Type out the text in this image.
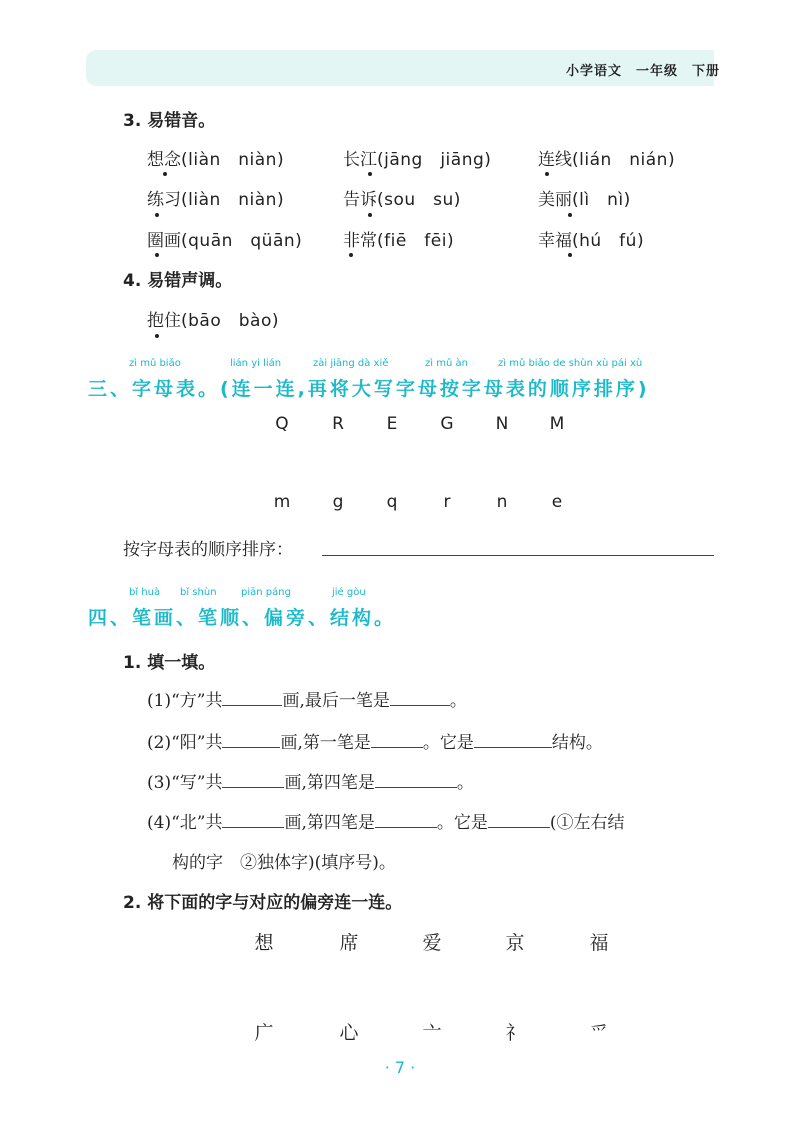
小学语文　一年级　下册
3. 易错音。
想念(liàn　niàn)	长江(jāng　jiāng)	连线(lián　nián)
练习(liàn　niàn)	告诉(sou　su)	美丽(lì　nì)
圈画(quān　qüān) 非常(fiē　fēi)	幸福(hú　fú)
4. 易错声调。
抱住(bāo　bào)
zì mǔ biǎo	lián yi lián	zài jiāng dà xiě	zì mǔ àn	zì mǔ biǎo de shùn xù pái xù
三、字母表。(连一连,再将大写字母按字母表的顺序排序)
Q	R	E	G N M
m g	q	r	n	e
按字母表的顺序排序：
bǐ huà bǐ shùn piān páng	jié gòu
四、笔画、笔顺、偏旁、结构。
1. 填一填。
(1)“方”共	画,最后一笔是	。
(2)“阳”共	画,第一笔是	。它是	结构。
(3)“写”共	画,第四笔是	。
(4)“北”共	画,第四笔是	。它是	(①左右结
构的字　②独体字)(填序号)。
2. 将下面的字与对应的偏旁连一连。
想	席	爱	京	福
广	心	亠	礻	爫
· 7 ·
